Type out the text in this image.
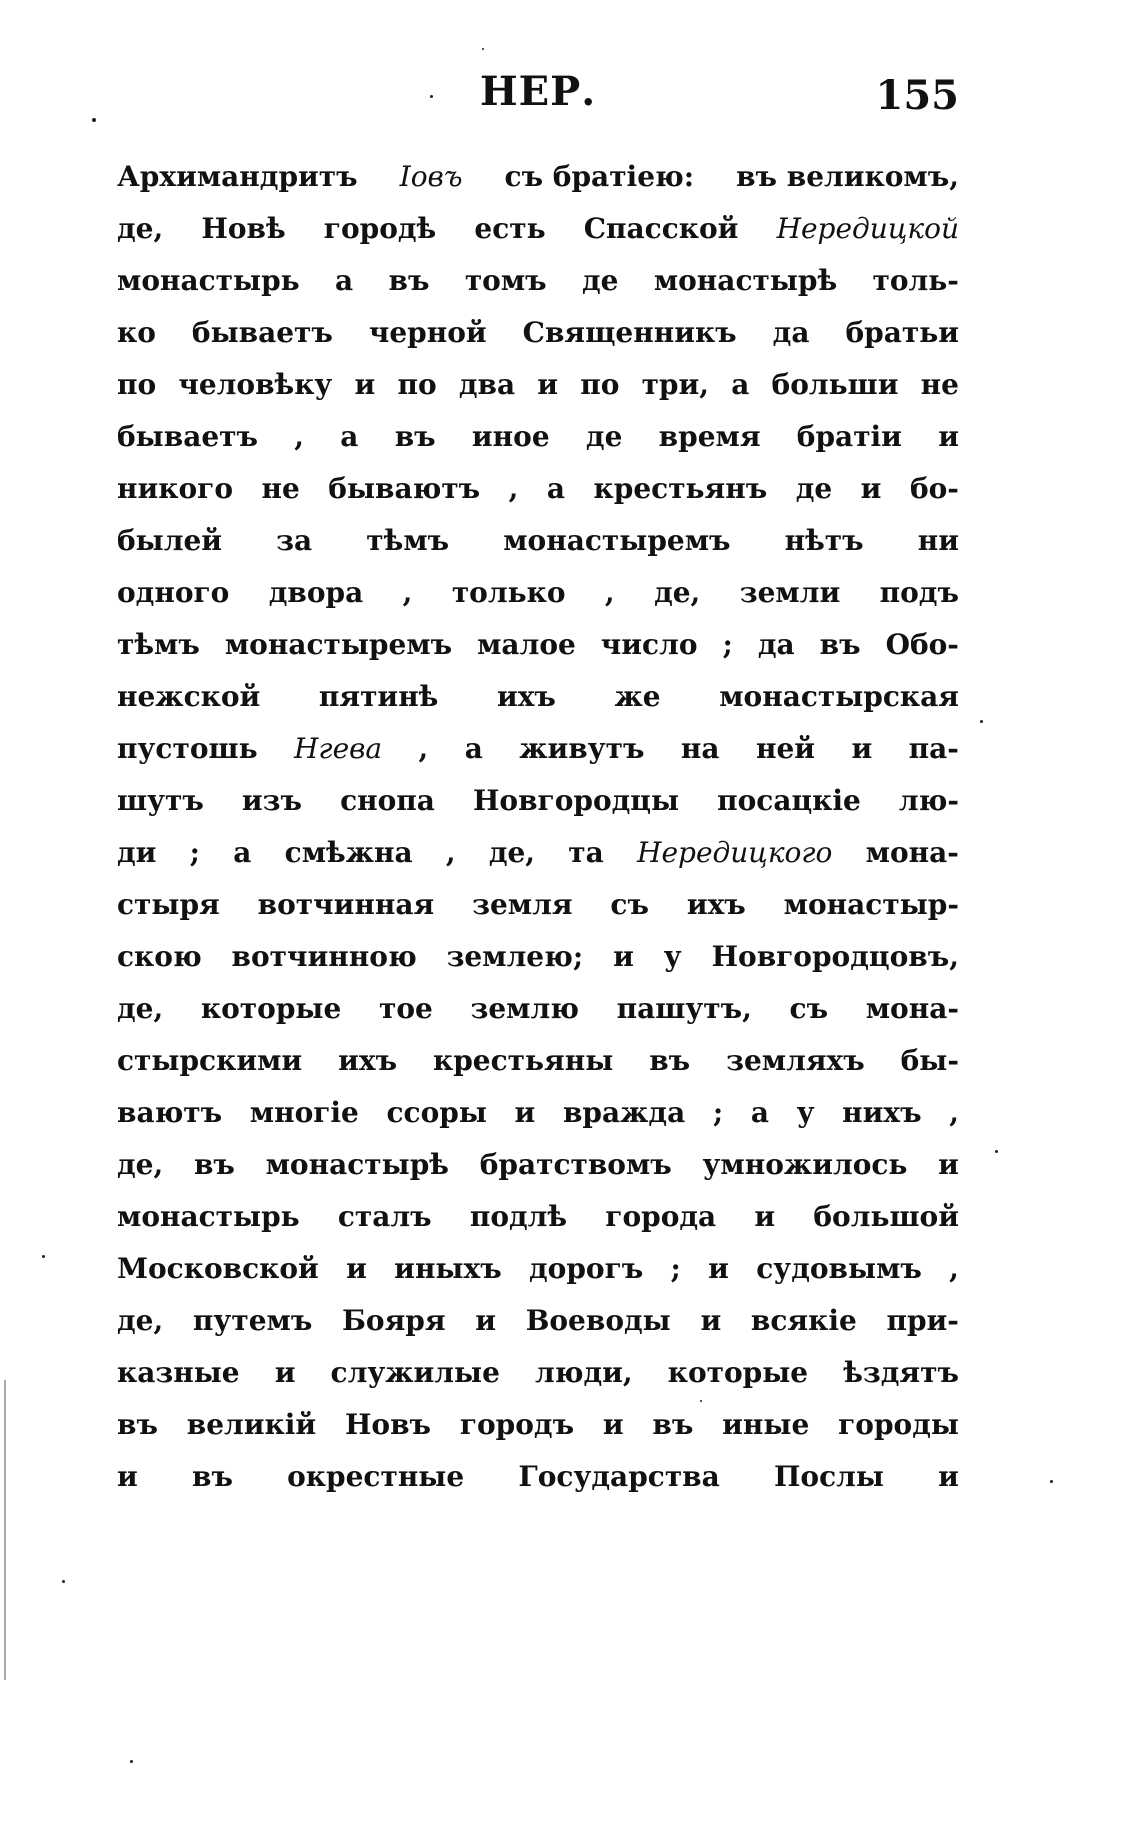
НЕР.	155
Архимандритъ Іовъ съ братіею: въ великомъ,
де, Новѣ городѣ есть Спасской Нередицкой
монастырь а въ томъ де монастырѣ толь-
ко бываетъ черной Священникъ да братьи
по человѣку и по два и по три, а больши не
бываетъ , а въ иное де время братіи и
никого не бываютъ , а крестьянъ де и бо-
былей за тѣмъ монастыремъ нѣтъ ни
одного двора , только , де, земли подъ
тѣмъ монастыремъ малое число ; да въ Обо-
нежской пятинѣ ихъ же монастырская
пустошь Нгева , а живутъ на ней и па-
шутъ изъ снопа Новгородцы посацкіе лю-
ди ; а смѣжна , де, та Нередицкого мона-
стыря вотчинная земля съ ихъ монастыр-
скою вотчинною землею; и у Новгородцовъ,
де, которые тое землю пашутъ, съ мона-
стырскими ихъ крестьяны въ земляхъ бы-
ваютъ многіе ссоры и вражда ; а у нихъ ,
де, въ монастырѣ братствомъ умножилось и
монастырь сталъ подлѣ города и большой
Московской и иныхъ дорогъ ; и судовымъ ,
де, путемъ Бояря и Воеводы и всякіе при-
казные и служилые люди, которые ѣздятъ
въ великій Новъ городъ и въ иные городы
и въ окрестные Государства Послы и
